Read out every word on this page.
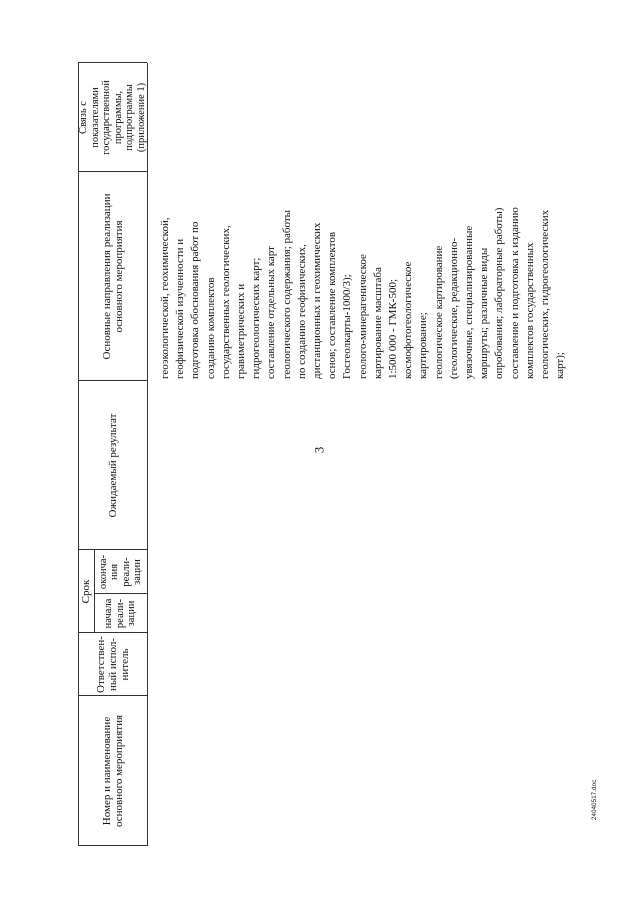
3
Номер и наименование
основного мероприятия
Ответствен-
ный испол-
нитель
Срок
начала
реали-
зации
оконча-
ния
реали-
зации
Ожидаемый результат
Основные направления реализации
основного мероприятия
Связь с
показателями
государственной
программы,
подпрограммы
(приложение 1)
геоэкологической, геохимической, геофизической изученности и подготовка обоснования работ по созданию комплектов государственных геологических, гравиметрических и гидрогеологических карт; составление отдельных карт геологического содержания; работы по созданию геофизических, дистанционных и геохимических основ; составление комплектов Госгеолкарты-1000/3); геолого-минерагеническое картирование масштаба 1:500 000 - ГМК-500; космофотогеологическое картирование; геологическое картирование (геологические, редакционно- увязочные, специализированные маршруты; различные виды опробования; лабораторные работы) составление и подготовка к изданию комплектов государственных геологических, гидрогеологических карт);
24040517.doc
